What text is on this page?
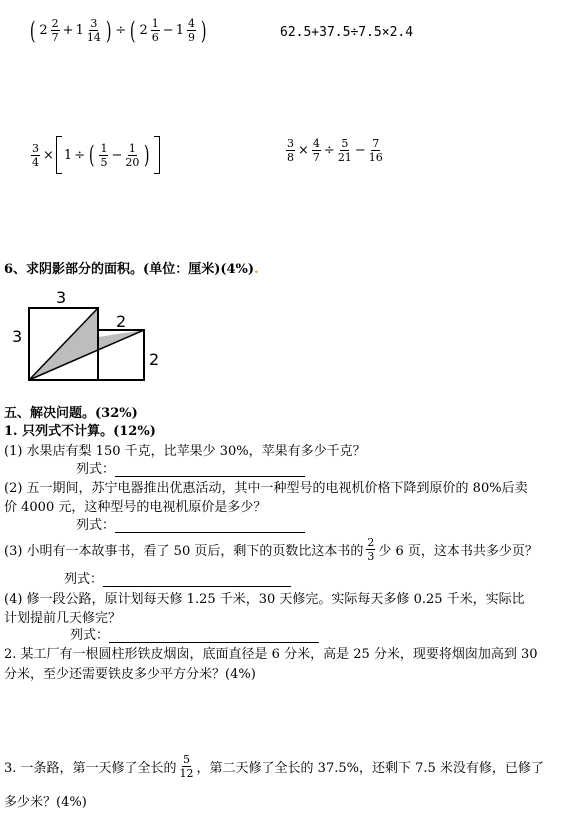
( $2 \frac{2}{7} + 1 \frac{3}{14}$ ) ÷ ( $2 \frac{1}{6} - 1 \frac{4}{9}$ )	62.5+37.5÷7.5×2.4
$\frac{3}{4} \times 1$ ÷ ( $\frac{1}{5} - \frac{1}{20}$ )	$\frac{3}{8} \times \frac{4}{7} \div \frac{5}{21} - \frac{7}{16}$
6、求阴影部分的面积。(单位：厘米)(4%).
3
3
2
2
五、解决问题。(32%)
1. 只列式不计算。(12%)
(1) 水果店有梨 150 千克，比苹果少 30%，苹果有多少千克？
列式：
(2) 五一期间，苏宁电器推出优惠活动，其中一种型号的电视机价格下降到原价的 80%后卖
价 4000 元，这种型号的电视机原价是多少？
列式：
(3) 小明有一本故事书，看了 50 页后，剩下的页数比这本书的 $\frac{2}{3}$ 少 6 页，这本书共多少页？
列式：
(4) 修一段公路，原计划每天修 1.25 千米，30 天修完。实际每天多修 0.25 千米，实际比
计划提前几天修完？
列式：
2. 某工厂有一根圆柱形铁皮烟囱，底面直径是 6 分米，高是 25 分米，现要将烟囱加高到 30
分米，至少还需要铁皮多少平方分米？(4%)
3. 一条路，第一天修了全长的 $\frac{5}{12}$ ，第二天修了全长的 37.5%，还剩下 7.5 米没有修，已修了
多少米？(4%)
